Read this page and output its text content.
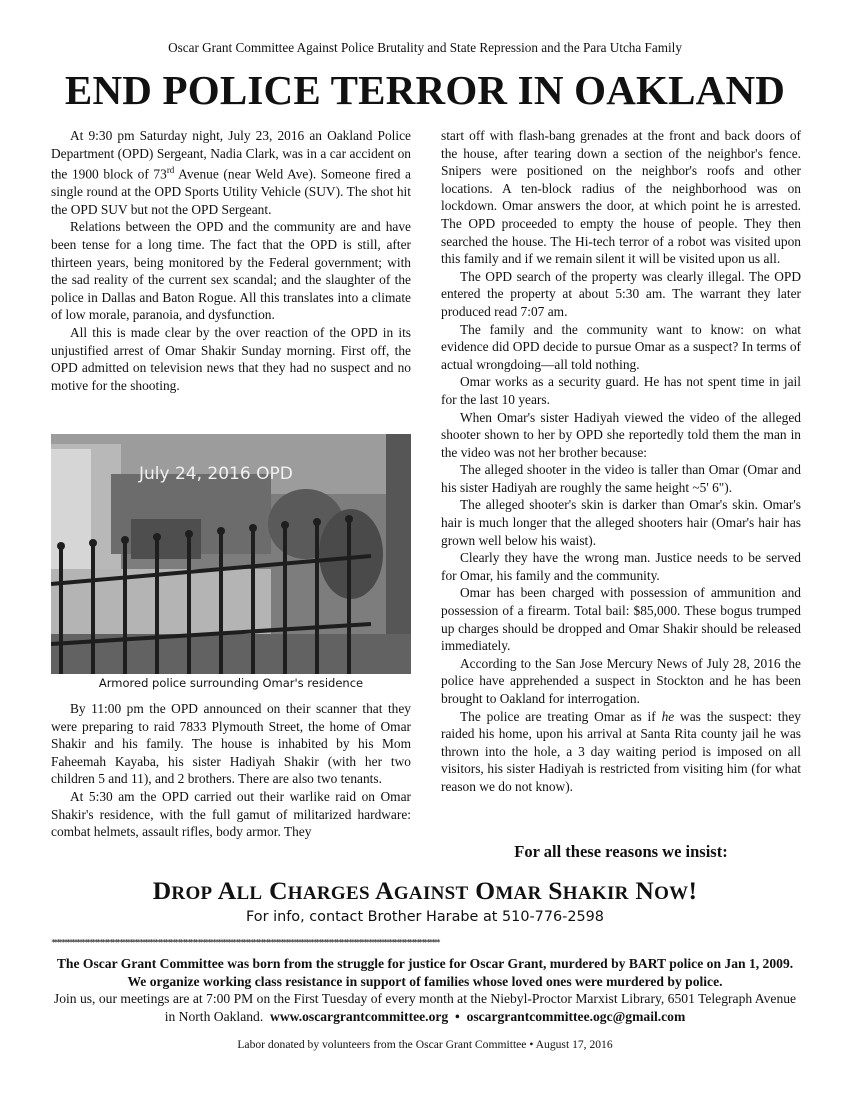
Oscar Grant Committee Against Police Brutality and State Repression and the Para Utcha Family
END POLICE TERROR IN OAKLAND

At 9:30 pm Saturday night, July 23, 2016 an Oakland Police Department (OPD) Sergeant, Nadia Clark, was in a car accident on the 1900 block of 73rd Avenue (near Weld Ave). Someone fired a single round at the OPD Sports Utility Vehicle (SUV). The shot hit the OPD SUV but not the OPD Sergeant.

Relations between the OPD and the community are and have been tense for a long time. The fact that the OPD is still, after thirteen years, being monitored by the Federal government; with the sad reality of the current sex scandal; and the slaughter of the police in Dallas and Baton Rogue. All this translates into a climate of low morale, paranoia, and dysfunction.

All this is made clear by the over reaction of the OPD in its unjustified arrest of Omar Shakir Sunday morning. First off, the OPD admitted on television news that they had no suspect and no motive for the shooting.

July 24, 2016 OPD
Armored police surrounding Omar's residence

By 11:00 pm the OPD announced on their scanner that they were preparing to raid 7833 Plymouth Street, the home of Omar Shakir and his family. The house is inhabited by his Mom Faheemah Kayaba, his sister Hadiyah Shakir (with her two children 5 and 11), and 2 brothers. There are also two tenants.

At 5:30 am the OPD carried out their warlike raid on Omar Shakir's residence, with the full gamut of militarized hardware: combat helmets, assault rifles, body armor. They

start off with flash-bang grenades at the front and back doors of the house, after tearing down a section of the neighbor's fence. Snipers were positioned on the neighbor's roofs and other locations. A ten-block radius of the neighborhood was on lockdown. Omar answers the door, at which point he is arrested. The OPD proceeded to empty the house of people. They then searched the house. The Hi-tech terror of a robot was visited upon this family and if we remain silent it will be visited upon us all.

The OPD search of the property was clearly illegal. The OPD entered the property at about 5:30 am. The warrant they later produced read 7:07 am.

The family and the community want to know: on what evidence did OPD decide to pursue Omar as a suspect? In terms of actual wrongdoing—all told nothing.

Omar works as a security guard. He has not spent time in jail for the last 10 years.

When Omar's sister Hadiyah viewed the video of the alleged shooter shown to her by OPD she reportedly told them the man in the video was not her brother because:

The alleged shooter in the video is taller than Omar (Omar and his sister Hadiyah are roughly the same height ~5' 6").

The alleged shooter's skin is darker than Omar's skin. Omar's hair is much longer that the alleged shooters hair (Omar's hair has grown well below his waist).

Clearly they have the wrong man. Justice needs to be served for Omar, his family and the community.

Omar has been charged with possession of ammunition and possession of a firearm. Total bail: $85,000. These bogus trumped up charges should be dropped and Omar Shakir should be released immediately.

According to the San Jose Mercury News of July 28, 2016 the police have apprehended a suspect in Stockton and he has been brought to Oakland for interrogation.

The police are treating Omar as if he was the suspect: they raided his home, upon his arrival at Santa Rita county jail he was thrown into the hole, a 3 day waiting period is imposed on all visitors, his sister Hadiyah is restricted from visiting him (for what reason we do not know).

For all these reasons we insist:
DROP ALL CHARGES AGAINST OMAR SHAKIR NOW!
For info, contact Brother Harabe at 510-776-2598
**********************************************************************************************************************************************************
The Oscar Grant Committee was born from the struggle for justice for Oscar Grant, murdered by BART police on Jan 1, 2009. We organize working class resistance in support of families whose loved ones were murdered by police.
Join us, our meetings are at 7:00 PM on the First Tuesday of every month at the Niebyl-Proctor Marxist Library, 6501 Telegraph Avenue in North Oakland. www.oscargrantcommittee.org • oscargrantcommittee.ogc@gmail.com
Labor donated by volunteers from the Oscar Grant Committee • August 17, 2016
